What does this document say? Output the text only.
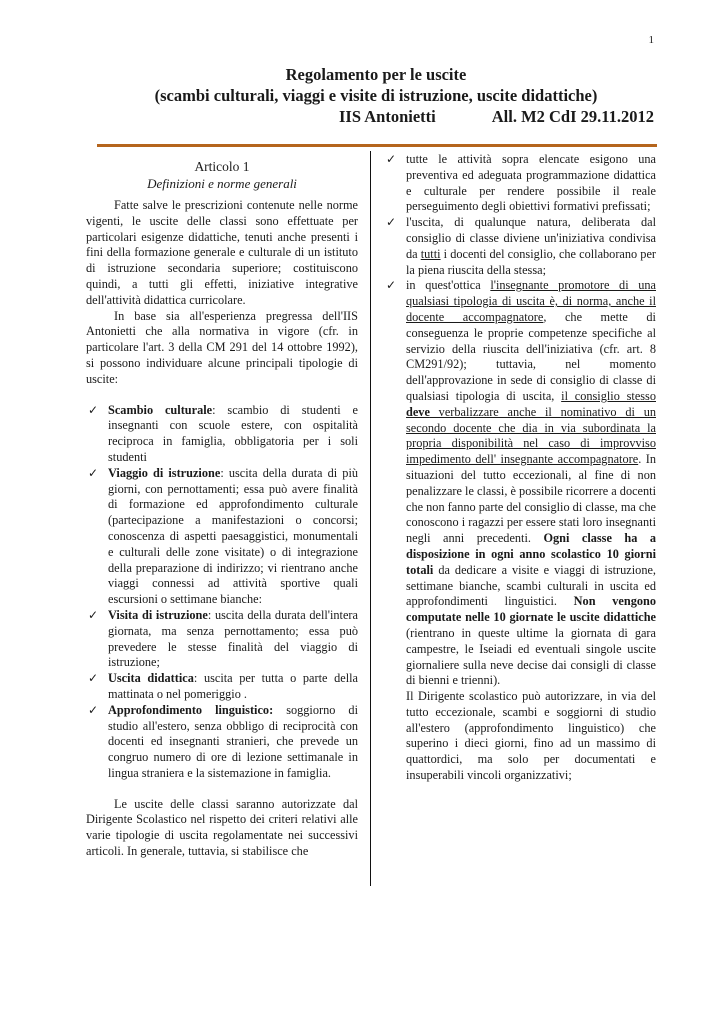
1
Regolamento per le uscite
(scambi culturali, viaggi e visite di istruzione, uscite didattiche)
IIS Antonietti	All. M2 CdI 29.11.2012
Articolo 1
Definizioni e norme generali

Fatte salve le prescrizioni contenute nelle norme vigenti, le uscite delle classi sono effettuate per particolari esigenze didattiche, tenuti anche presenti i fini della formazione generale e culturale di un istituto di istruzione secondaria superiore; costituiscono quindi, a tutti gli effetti, iniziative integrative dell'attività didattica curricolare.

In base sia all'esperienza pregressa dell'IIS Antonietti che alla normativa in vigore (cfr. in particolare l'art. 3 della CM 291 del 14 ottobre 1992), si possono individuare alcune principali tipologie di uscite:

✓ Scambio culturale: scambio di studenti e insegnanti con scuole estere, con ospitalità reciproca in famiglia, obbligatoria per i soli studenti
✓ Viaggio di istruzione: uscita della durata di più giorni, con pernottamenti; essa può avere finalità di formazione ed approfondimento culturale (partecipazione a manifestazioni o concorsi; conoscenza di aspetti paesaggistici, monumentali e culturali delle zone visitate) o di integrazione della preparazione di indirizzo; vi rientrano anche viaggi connessi ad attività sportive quali escursioni o settimane bianche:
✓ Visita di istruzione: uscita della durata dell'intera giornata, ma senza pernottamento; essa può prevedere le stesse finalità del viaggio di istruzione;
✓ Uscita didattica: uscita per tutta o parte della mattinata o nel pomeriggio .
✓ Approfondimento linguistico: soggiorno di studio all'estero, senza obbligo di reciprocità con docenti ed insegnanti stranieri, che prevede un congruo numero di ore di lezione settimanale in lingua straniera e la sistemazione in famiglia.

Le uscite delle classi saranno autorizzate dal Dirigente Scolastico nel rispetto dei criteri relativi alle varie tipologie di uscita regolamentate nei successivi articoli. In generale, tuttavia, si stabilisce che

✓ tutte le attività sopra elencate esigono una preventiva ed adeguata programmazione didattica e culturale per rendere possibile il reale perseguimento degli obiettivi formativi prefissati;
✓ l'uscita, di qualunque natura, deliberata dal consiglio di classe diviene un'iniziativa condivisa da tutti i docenti del consiglio, che collaborano per la piena riuscita della stessa;
✓ in quest'ottica l'insegnante promotore di una qualsiasi tipologia di uscita è, di norma, anche il docente accompagnatore, che mette di conseguenza le proprie competenze specifiche al servizio della riuscita dell'iniziativa (cfr. art. 8 CM291/92); tuttavia, nel momento dell'approvazione in sede di consiglio di classe di qualsiasi tipologia di uscita, il consiglio stesso deve verbalizzare anche il nominativo di un secondo docente che dia in via subordinata la propria disponibilità nel caso di improvviso impedimento dell' insegnante accompagnatore. In situazioni del tutto eccezionali, al fine di non penalizzare le classi, è possibile ricorrere a docenti che non fanno parte del consiglio di classe, ma che conoscono i ragazzi per essere stati loro insegnanti negli anni precedenti. Ogni classe ha a disposizione in ogni anno scolastico 10 giorni totali da dedicare a visite e viaggi di istruzione, settimane bianche, scambi culturali in uscita ed approfondimenti linguistici. Non vengono computate nelle 10 giornate le uscite didattiche (rientrano in queste ultime la giornata di gara campestre, le Iseiadi ed eventuali singole uscite giornaliere sulla neve decise dai consigli di classe di bienni e trienni).
Il Dirigente scolastico può autorizzare, in via del tutto eccezionale, scambi e soggiorni di studio all'estero (approfondimento linguistico) che superino i dieci giorni, fino ad un massimo di quattordici, ma solo per documentati e insuperabili vincoli organizzativi;
